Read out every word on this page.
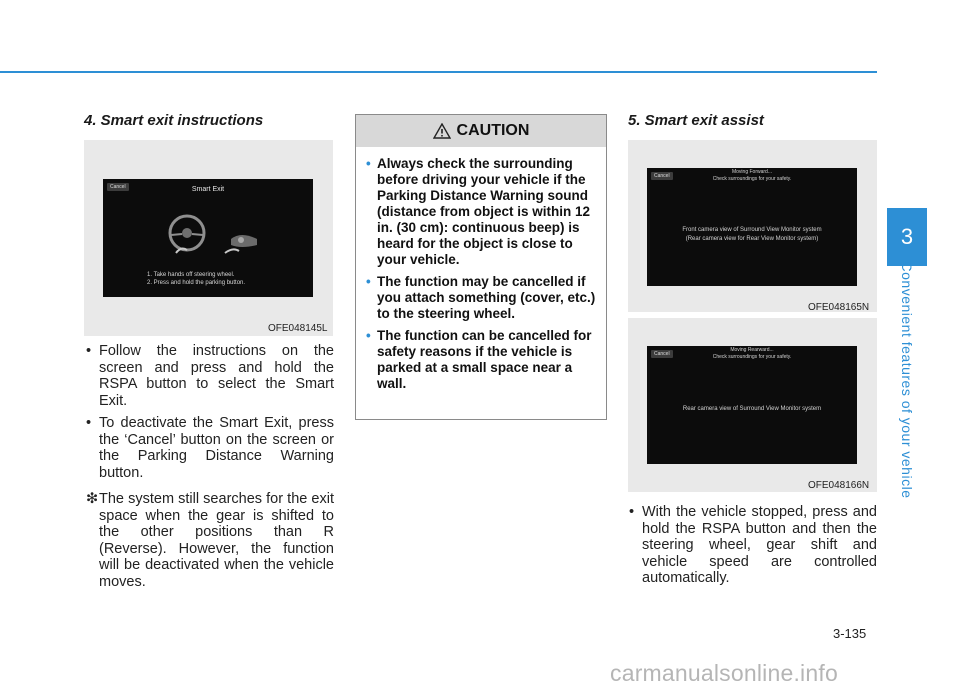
3
Convenient features of your vehicle
4. Smart exit instructions
Cancel	Smart Exit
1. Take hands off steering wheel.
2. Press and hold the parking button.
OFE048145L
• Follow the instructions on the screen and press and hold the RSPA button to select the Smart Exit.
• To deactivate the Smart Exit, press the ‘Cancel’ button on the screen or the Parking Distance Warning button.
❇ The system still searches for the exit space when the gear is shifted to the other positions than R (Reverse). However, the function will be deactivated when the vehicle moves.
CAUTION
• Always check the surrounding before driving your vehicle if the Parking Distance Warning sound (distance from object is within 12 in. (30 cm): continuous beep) is heard for the object is close to your vehicle.
• The function may be cancelled if you attach something (cover, etc.) to the steering wheel.
• The function can be cancelled for safety reasons if the vehicle is parked at a small space near a wall.
5. Smart exit assist
Cancel
Moving Forward...
Check surroundings for your safety.
Front camera view of Surround View Monitor system
(Rear camera view for Rear View Monitor system)
OFE048165N
Cancel
Moving Rearward...
Check surroundings for your safety.
Rear camera view of Surround View Monitor system
OFE048166N
• With the vehicle stopped, press and hold the RSPA button and then the steering wheel, gear shift and vehicle speed are controlled automatically.
3-135
carmanualsonline.info
